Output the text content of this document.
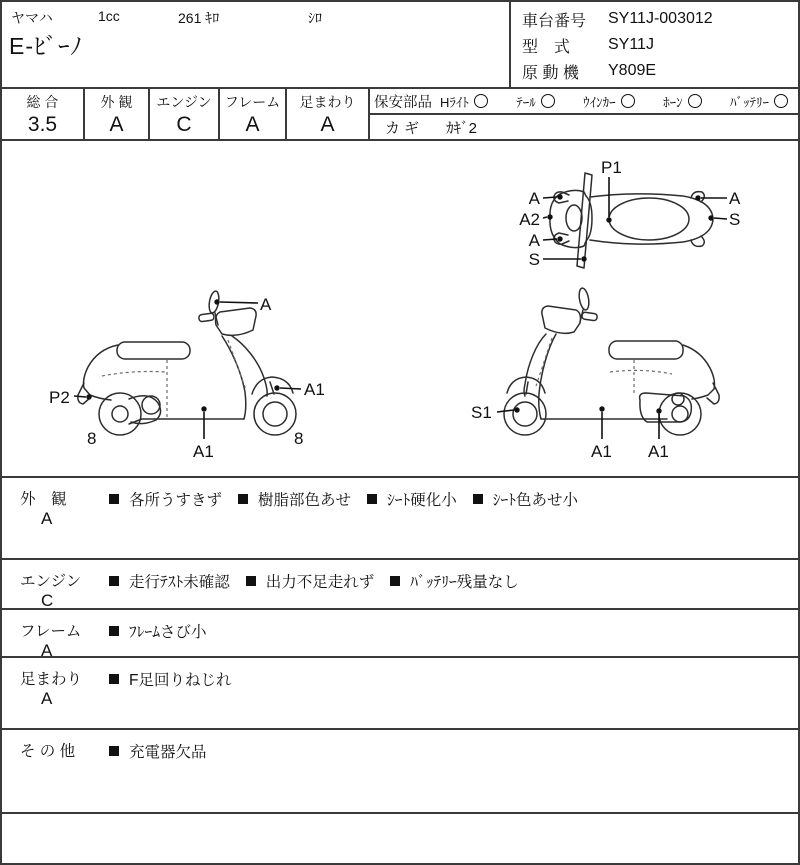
ヤマハ	1cc	261 ｷﾛ	ｼﾛ
E-ﾋﾞｰﾉ
車台番号	SY11J-003012
型　式	SY11J
原 動 機	Y809E
総 合
3.5
外 観
A
エンジン
C
フレーム
A
足まわり
A
保安部品 Hﾗｲﾄ	ﾃｰﾙ	ｳｲﾝｶｰ	ﾎｰﾝ	ﾊﾞｯﾃﾘｰ
カ ギ ｶｷﾞ2
P1
A
A2
A
S
A
S
A
P2
8
A1
A1
8
S1
A1 A1
外　観
A
各所うすきず 樹脂部色あせ ｼｰﾄ硬化小 ｼｰﾄ色あせ小
エンジン
C
走行ﾃｽﾄ未確認 出力不足走れず ﾊﾞｯﾃﾘｰ残量なし
フレーム
A
ﾌﾚｰﾑさび小
足まわり
A
F足回りねじれ
そ の 他	充電器欠品
